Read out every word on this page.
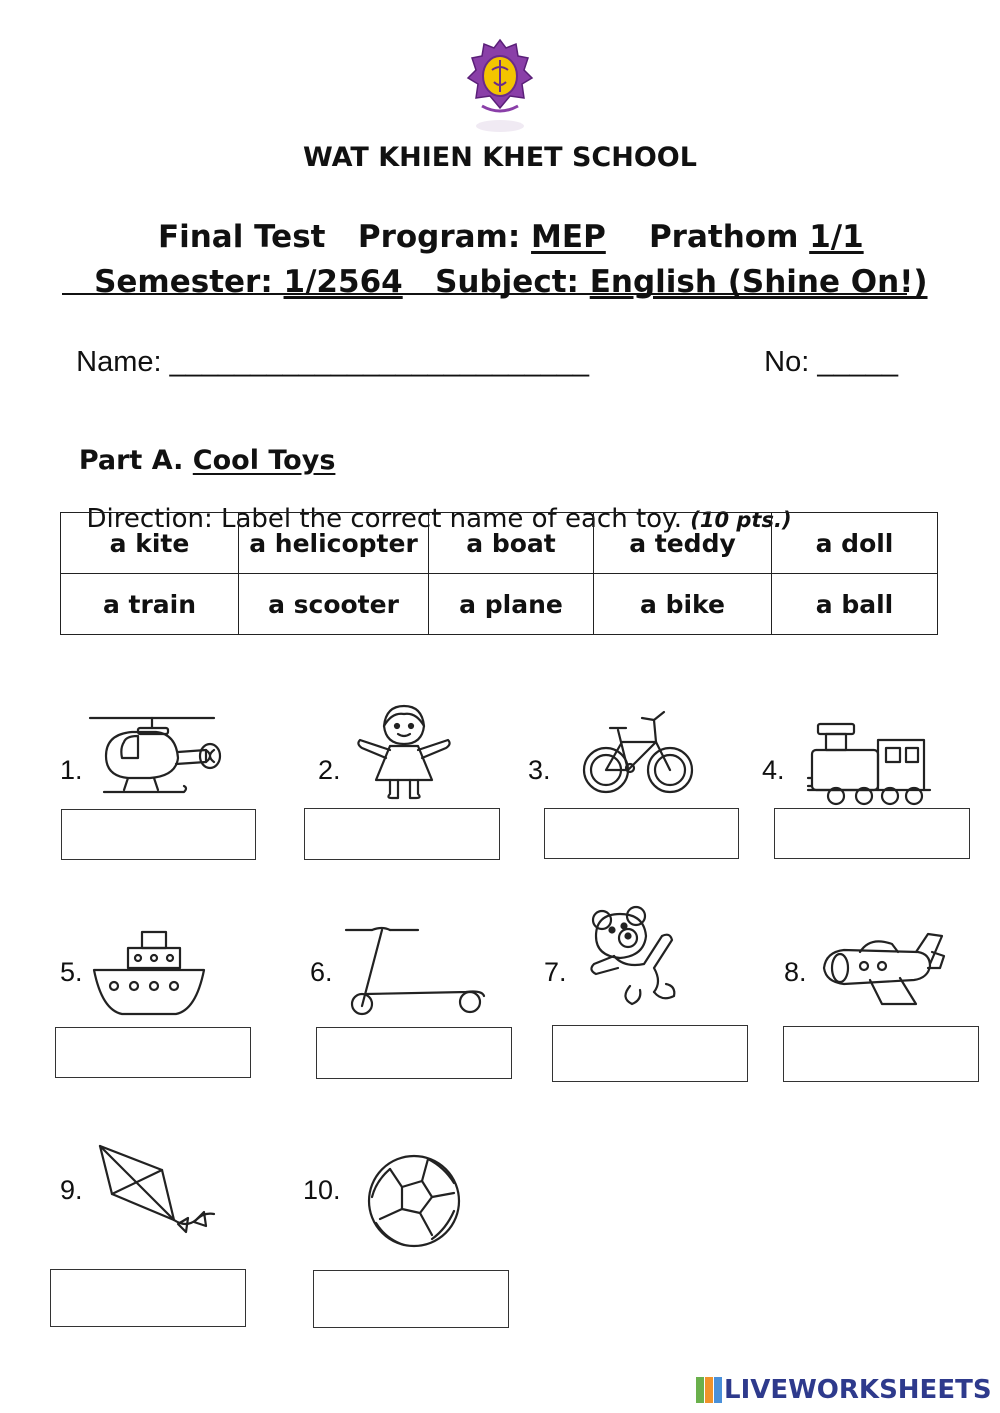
WAT KHIEN KHET SCHOOL

Final Test   Program: MEP    Prathom 1/1

Semester: 1/2564   Subject: English (Shine On!)

Name: __________________________	No: _____

Part A. Cool Toys

Direction: Label the correct name of each toy. (10 pts.)

a kite	a helicopter	a boat	a teddy	a doll
a train	a scooter	a plane	a bike	a ball
1.	2.	3.	4.
5.	6.	7.	8.
9.	10.
LIVEWORKSHEETS
